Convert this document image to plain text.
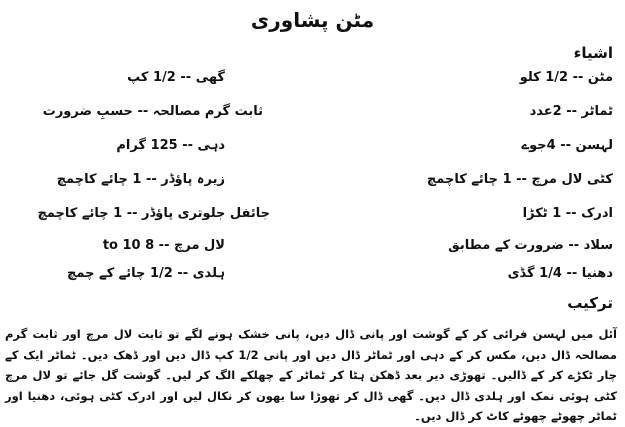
مٹن پشاوری
اشیاء
مٹن -- 1/2 کلو
ٹماٹر -- 2عدد
لہسن -- 4جوے
کٹی لال مرچ -- 1 چائے کاچمچ
ادرک -- 1 ٹکڑا
سلاد -- ضرورت کے مطابق
دھنیا -- 1/4 گڈی
گھی -- 1/2 کپ
ثابت گرم مصالحہ -- حسبِ ضرورت
دہی -- 125 گرام
زیرہ پاؤڈر -- 1 چائے کاچمچ
جائفل جلوتری پاؤڈر -- 1 چائے کاچمچ
لال مرچ -- 8 to 10
ہلدی -- 1/2 چائے کے چمچ
ترکیب

آئل میں لہسن فرائی کر کے گوشت اور پانی ڈال دیں، پانی خشک ہونے لگے تو ثابت لال مرچ اور ثابت گرم مصالحہ ڈال دیں، مکس کر کے دہی اور ٹماٹر ڈال دیں اور پانی 1/2 کپ ڈال دیں اور ڈھک دیں۔ ٹماٹر ایک کے چار ٹکڑے کر کے ڈالیں۔ تھوڑی دیر بعد ڈھکن ہٹا کر ٹماٹر کے چھلکے الگ کر لیں۔ گوشت گل جائے تو لال مرچ کٹی ہوئی نمک اور ہلدی ڈال دیں۔ گھی ڈال کر تھوڑا سا بھون کر نکال لیں اور ادرک کٹی ہوئی، دھنیا اور ٹماٹر چھوٹے چھوٹے کاٹ کر ڈال دیں۔
